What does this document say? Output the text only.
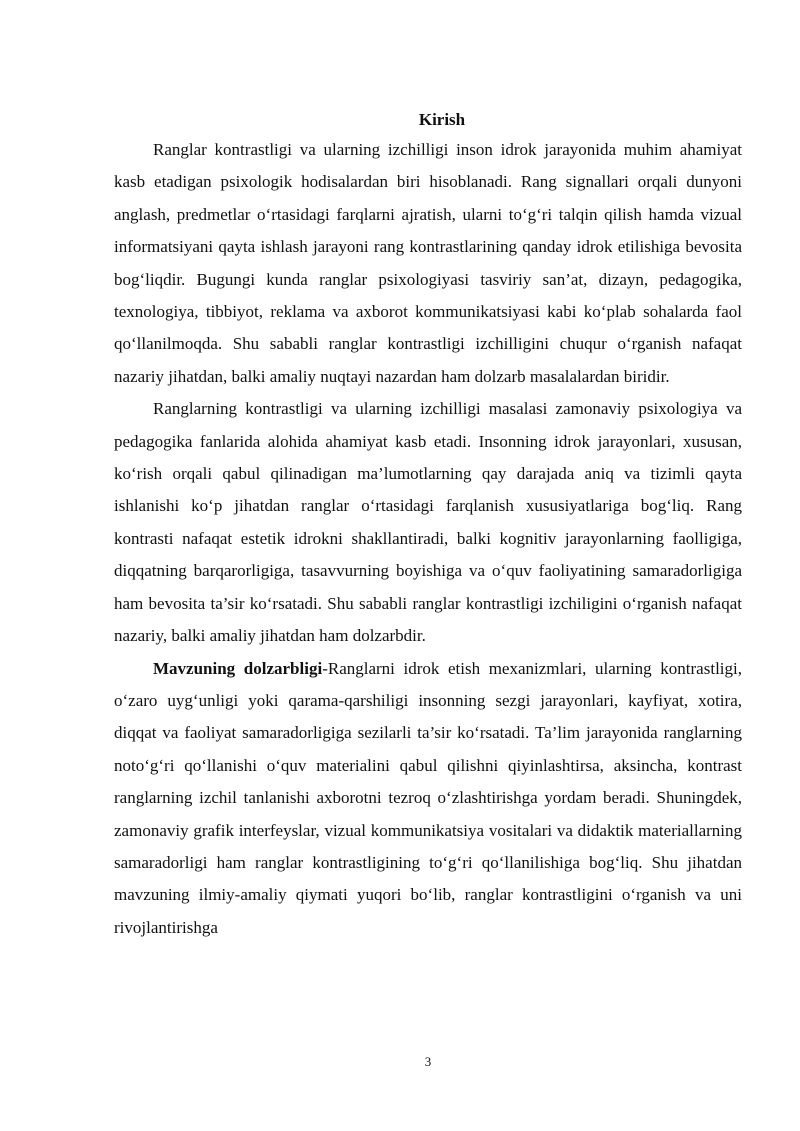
Kirish

Ranglar kontrastligi va ularning izchilligi inson idrok jarayonida muhim ahamiyat kasb etadigan psixologik hodisalardan biri hisoblanadi. Rang signallari orqali dunyoni anglash, predmetlar o‘rtasidagi farqlarni ajratish, ularni to‘g‘ri talqin qilish hamda vizual informatsiyani qayta ishlash jarayoni rang kontrastlarining qanday idrok etilishiga bevosita bog‘liqdir. Bugungi kunda ranglar psixologiyasi tasviriy san’at, dizayn, pedagogika, texnologiya, tibbiyot, reklama va axborot kommunikatsiyasi kabi ko‘plab sohalarda faol qo‘llanilmoqda. Shu sababli ranglar kontrastligi izchilligini chuqur o‘rganish nafaqat nazariy jihatdan, balki amaliy nuqtayi nazardan ham dolzarb masalalardan biridir.

Ranglarning kontrastligi va ularning izchilligi masalasi zamonaviy psixologiya va pedagogika fanlarida alohida ahamiyat kasb etadi. Insonning idrok jarayonlari, xususan, ko‘rish orqali qabul qilinadigan ma’lumotlarning qay darajada aniq va tizimli qayta ishlanishi ko‘p jihatdan ranglar o‘rtasidagi farqlanish xususiyatlariga bog‘liq. Rang kontrasti nafaqat estetik idrokni shakllantiradi, balki kognitiv jarayonlarning faolligiga, diqqatning barqarorligiga, tasavvurning boyishiga va o‘quv faoliyatining samaradorligiga ham bevosita ta’sir ko‘rsatadi. Shu sababli ranglar kontrastligi izchiligini o‘rganish nafaqat nazariy, balki amaliy jihatdan ham dolzarbdir.

Mavzuning dolzarbligi-Ranglarni idrok etish mexanizmlari, ularning kontrastligi, o‘zaro uyg‘unligi yoki qarama-qarshiligi insonning sezgi jarayonlari, kayfiyat, xotira, diqqat va faoliyat samaradorligiga sezilarli ta’sir ko‘rsatadi. Ta’lim jarayonida ranglarning noto‘g‘ri qo‘llanishi o‘quv materialini qabul qilishni qiyinlashtirsa, aksincha, kontrast ranglarning izchil tanlanishi axborotni tezroq o‘zlashtirishga yordam beradi. Shuningdek, zamonaviy grafik interfeyslar, vizual kommunikatsiya vositalari va didaktik materiallarning samaradorligi ham ranglar kontrastligining to‘g‘ri qo‘llanilishiga bog‘liq. Shu jihatdan mavzuning ilmiy-amaliy qiymati yuqori bo‘lib, ranglar kontrastligini o‘rganish va uni rivojlantirishga

3
